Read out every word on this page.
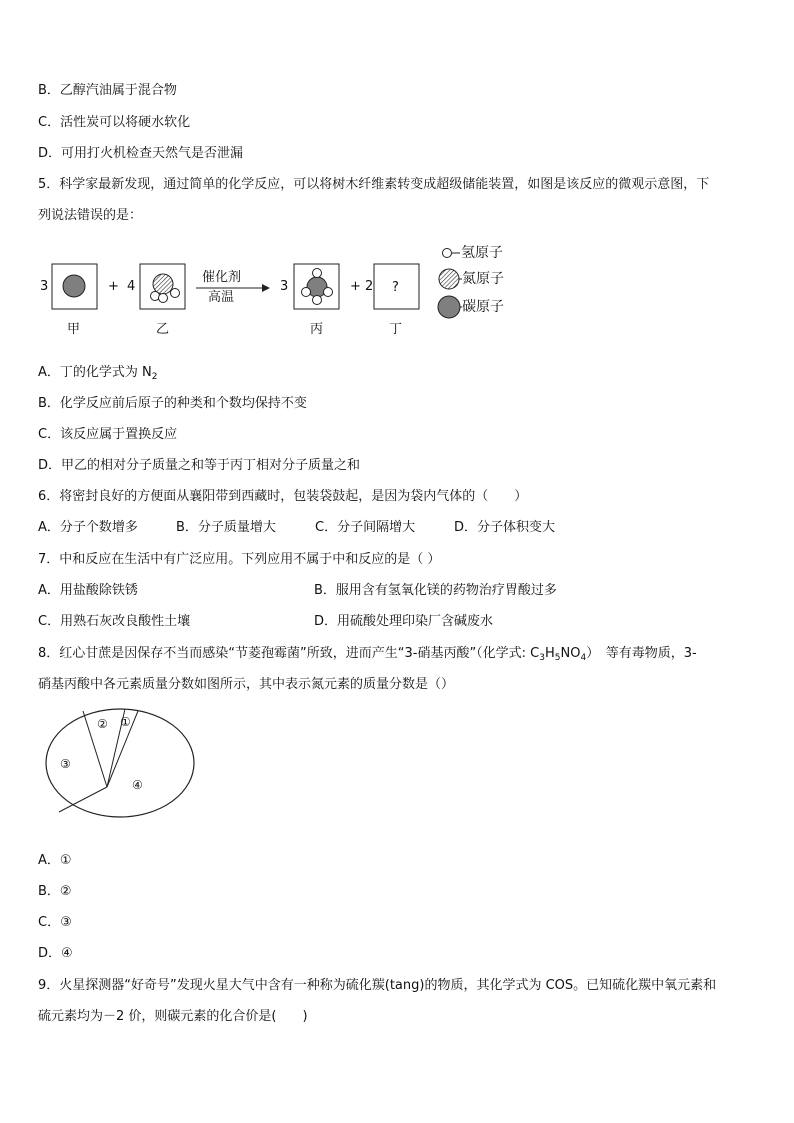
B．乙醇汽油属于混合物
C．活性炭可以将硬水软化
D．可用打火机检查天然气是否泄漏
5．科学家最新发现，通过简单的化学反应，可以将树木纤维素转变成超级储能装置，如图是该反应的微观示意图，下
列说法错误的是：
3	+ 4
催化剂
高温
3	+ 2 ?
甲	乙	丙	丁
氢原子
氮原子
碳原子
A．丁的化学式为 $N_2$
B．化学反应前后原子的种类和个数均保持不变
C．该反应属于置换反应
D．甲乙的相对分子质量之和等于丙丁相对分子质量之和
6．将密封良好的方便面从襄阳带到西藏时，包装袋鼓起，是因为袋内气体的（　　）
A．分子个数增多	B．分子质量增大	C．分子间隔增大	D．分子体积变大
7．中和反应在生活中有广泛应用。下列应用不属于中和反应的是（ ）
A．用盐酸除铁锈	B．服用含有氢氧化镁的药物治疗胃酸过多
C．用熟石灰改良酸性土壤	D．用硫酸处理印染厂含碱废水
8．红心甘蔗是因保存不当而感染“节菱孢霉菌”所致，进而产生“3-硝基丙酸”（化学式: $C_3H_5NO_4$）　等有毒物质，3-
硝基丙酸中各元素质量分数如图所示，其中表示氮元素的质量分数是（）
①
②
③
④
A．①
B．②
C．③
D．④
9．火星探测器“好奇号”发现火星大气中含有一种称为硫化羰(tang)的物质，其化学式为 COS。已知硫化羰中氧元素和
硫元素均为－2 价，则碳元素的化合价是(　　)
